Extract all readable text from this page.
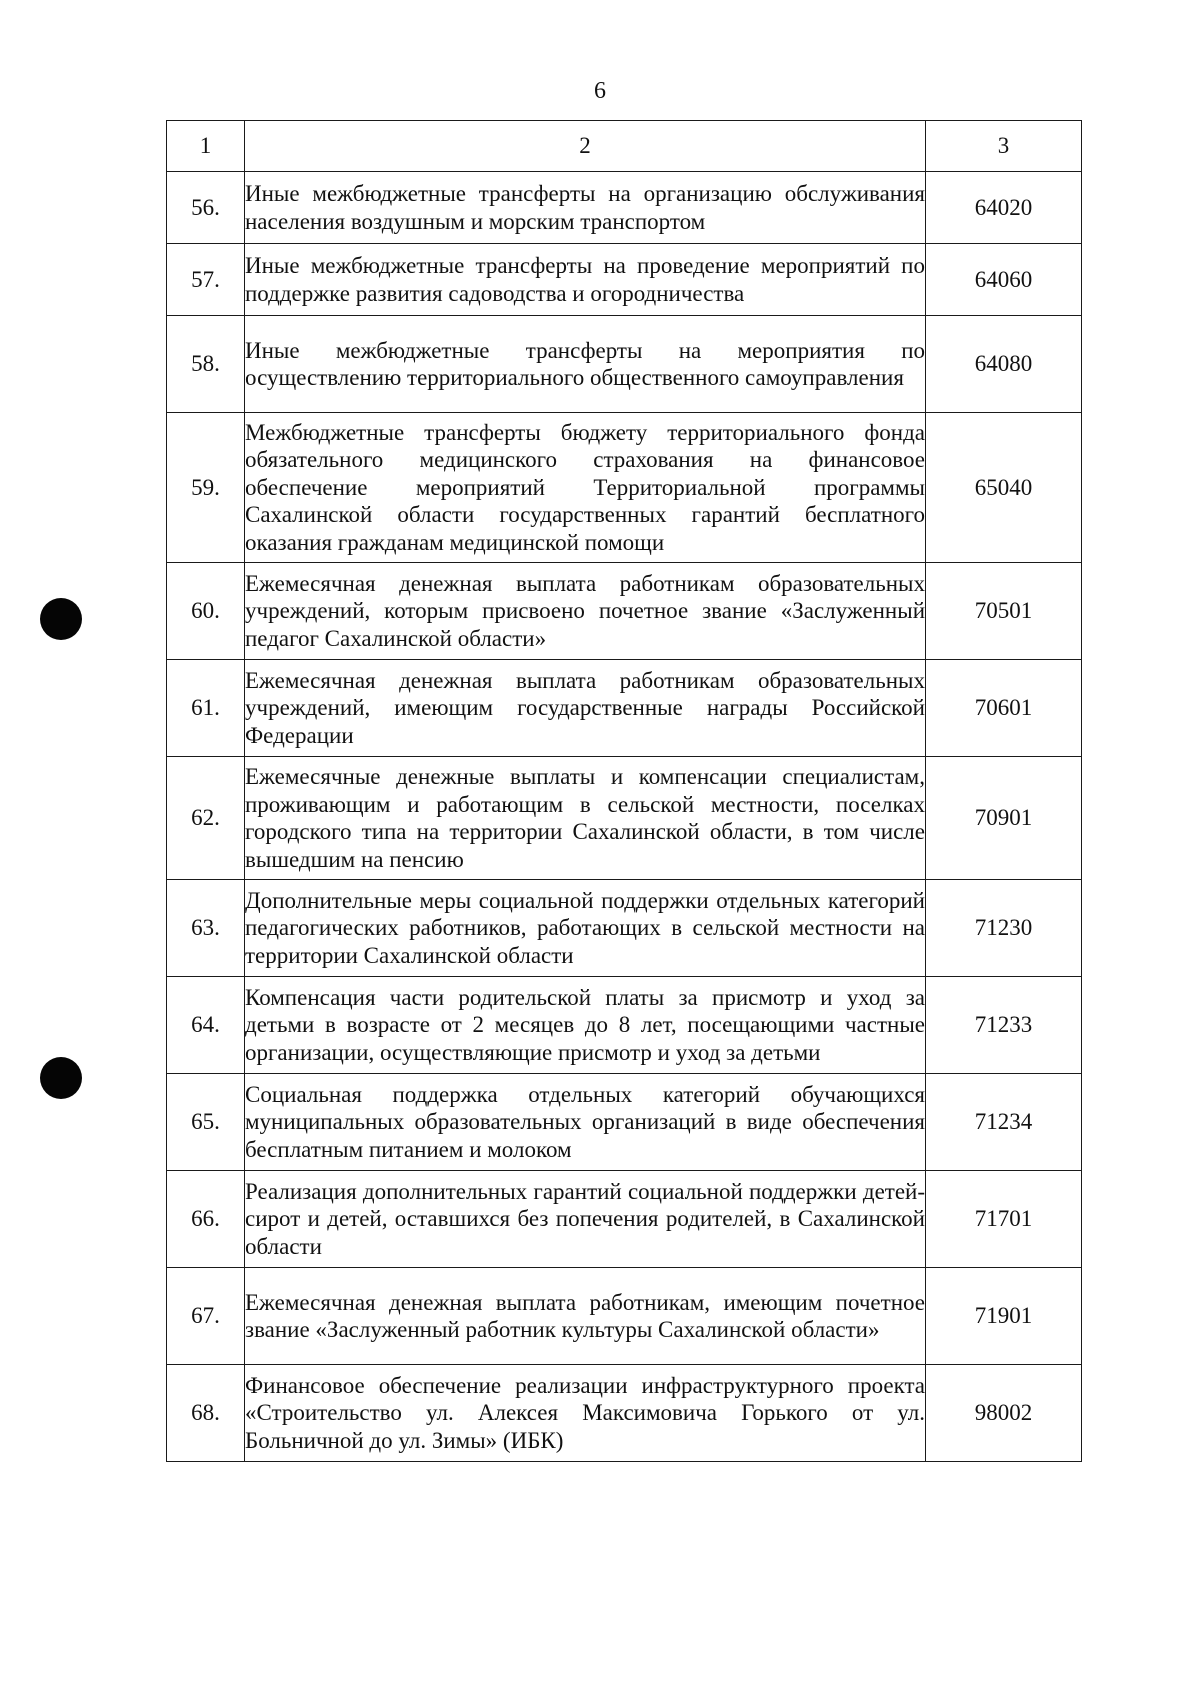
6
1	2	3
56.	Иные межбюджетные трансферты на организацию обслуживания населения воздушным и морским транспортом	64020
57.	Иные межбюджетные трансферты на проведение мероприятий по поддержке развития садоводства и огородничества	64060
58.	Иные межбюджетные трансферты на мероприятия по осуществлению территориального общественного самоуправления	64080
59.	Межбюджетные трансферты бюджету территориального фонда обязательного медицинского страхования на финансовое обеспечение мероприятий Территориальной программы Сахалинской области государственных гарантий бесплатного оказания гражданам медицинской помощи	65040
60.	Ежемесячная денежная выплата работникам образовательных учреждений, которым присвоено почетное звание «Заслуженный педагог Сахалинской области»	70501
61.	Ежемесячная денежная выплата работникам образовательных учреждений, имеющим государственные награды Российской Федерации	70601
62.	Ежемесячные денежные выплаты и компенсации специалистам, проживающим и работающим в сельской местности, поселках городского типа на территории Сахалинской области, в том числе вышедшим на пенсию	70901
63.	Дополнительные меры социальной поддержки отдельных категорий педагогических работников, работающих в сельской местности на территории Сахалинской области	71230
64.	Компенсация части родительской платы за присмотр и уход за детьми в возрасте от 2 месяцев до 8 лет, посещающими частные организации, осуществляющие присмотр и уход за детьми	71233
65.	Социальная поддержка отдельных категорий обучающихся муниципальных образовательных организаций в виде обеспечения бесплатным питанием и молоком	71234
66.	Реализация дополнительных гарантий социальной поддержки детей-сирот и детей, оставшихся без попечения родителей, в Сахалинской области	71701
67.	Ежемесячная денежная выплата работникам, имеющим почетное звание «Заслуженный работник культуры Сахалинской области»	71901
68.	Финансовое обеспечение реализации инфраструктурного проекта «Строительство ул. Алексея Максимовича Горького от ул. Больничной до ул. Зимы» (ИБК)	98002
